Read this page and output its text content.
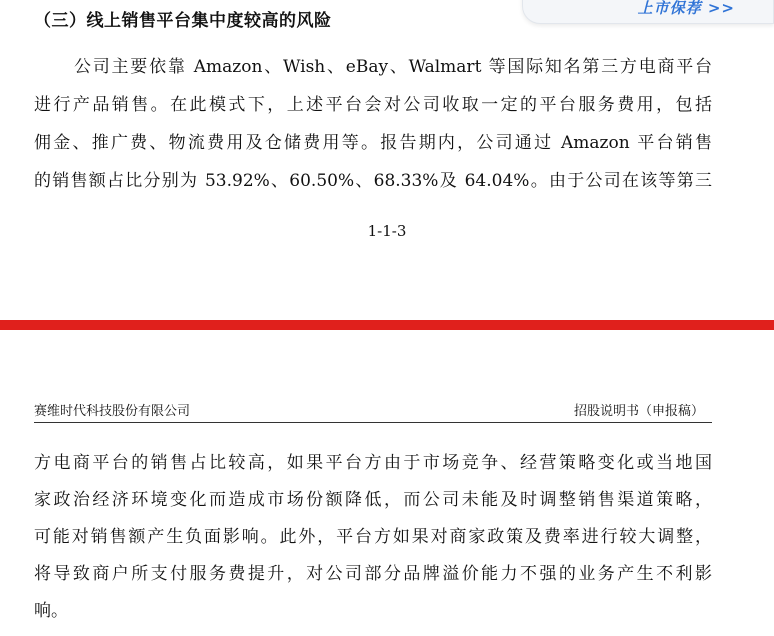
上市保荐 >>
（三）线上销售平台集中度较高的风险
公司主要依靠 Amazon、Wish、eBay、Walmart 等国际知名第三方电商平台
进行产品销售。在此模式下，上述平台会对公司收取一定的平台服务费用，包括
佣金、推广费、物流费用及仓储费用等。报告期内，公司通过 Amazon 平台销售
的销售额占比分别为 53.92%、60.50%、68.33%及 64.04%。由于公司在该等第三
1-1-3
赛维时代科技股份有限公司	招股说明书（申报稿）
方电商平台的销售占比较高，如果平台方由于市场竞争、经营策略变化或当地国
家政治经济环境变化而造成市场份额降低，而公司未能及时调整销售渠道策略，
可能对销售额产生负面影响。此外，平台方如果对商家政策及费率进行较大调整，
将导致商户所支付服务费提升，对公司部分品牌溢价能力不强的业务产生不利影
响。
